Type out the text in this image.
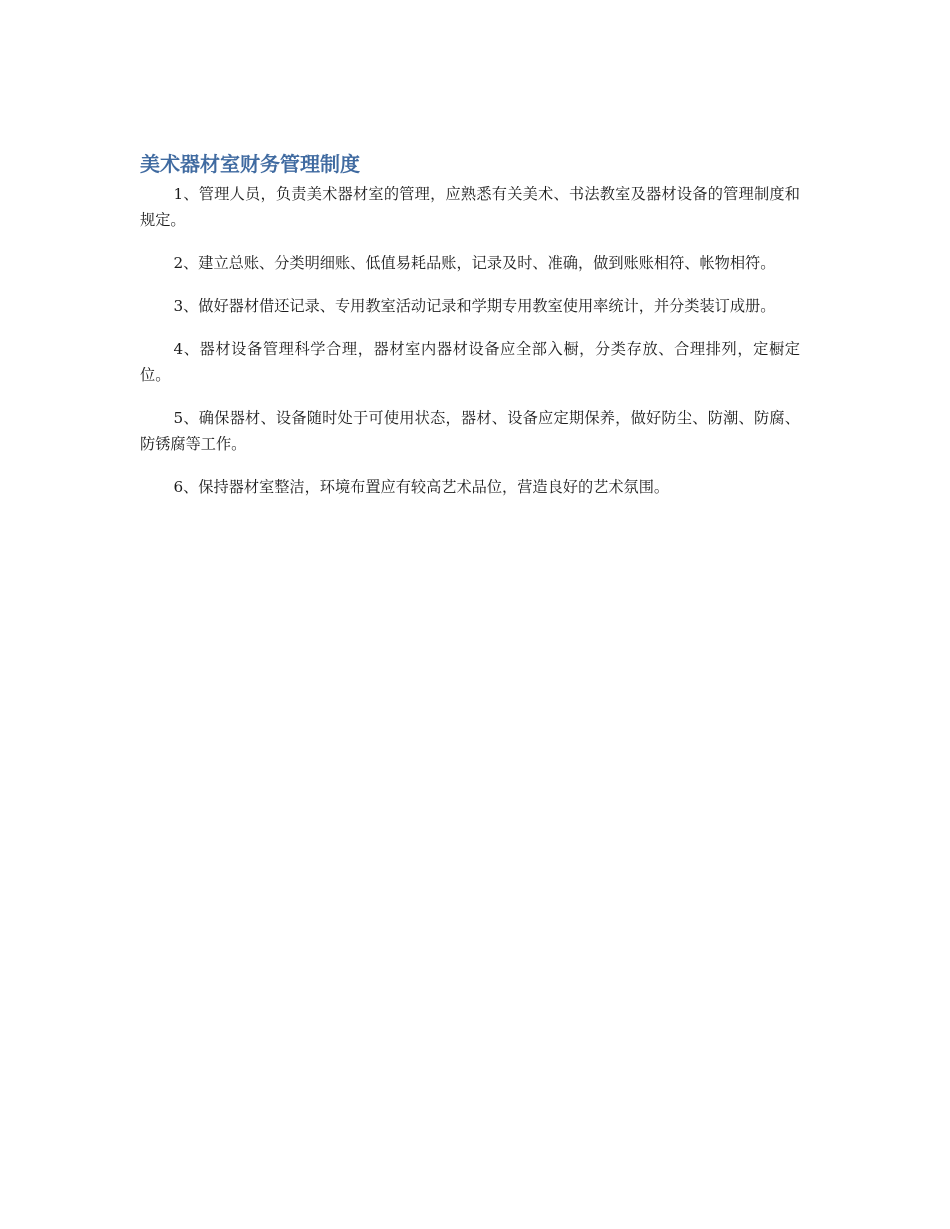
美术器材室财务管理制度

1、管理人员，负责美术器材室的管理，应熟悉有关美术、书法教室及器材设备的管理制度和规定。

2、建立总账、分类明细账、低值易耗品账，记录及时、准确，做到账账相符、帐物相符。

3、做好器材借还记录、专用教室活动记录和学期专用教室使用率统计，并分类装订成册。

4、器材设备管理科学合理，器材室内器材设备应全部入橱，分类存放、合理排列，定橱定位。

5、确保器材、设备随时处于可使用状态，器材、设备应定期保养，做好防尘、防潮、防腐、防锈腐等工作。

6、保持器材室整洁，环境布置应有较高艺术品位，营造良好的艺术氛围。
